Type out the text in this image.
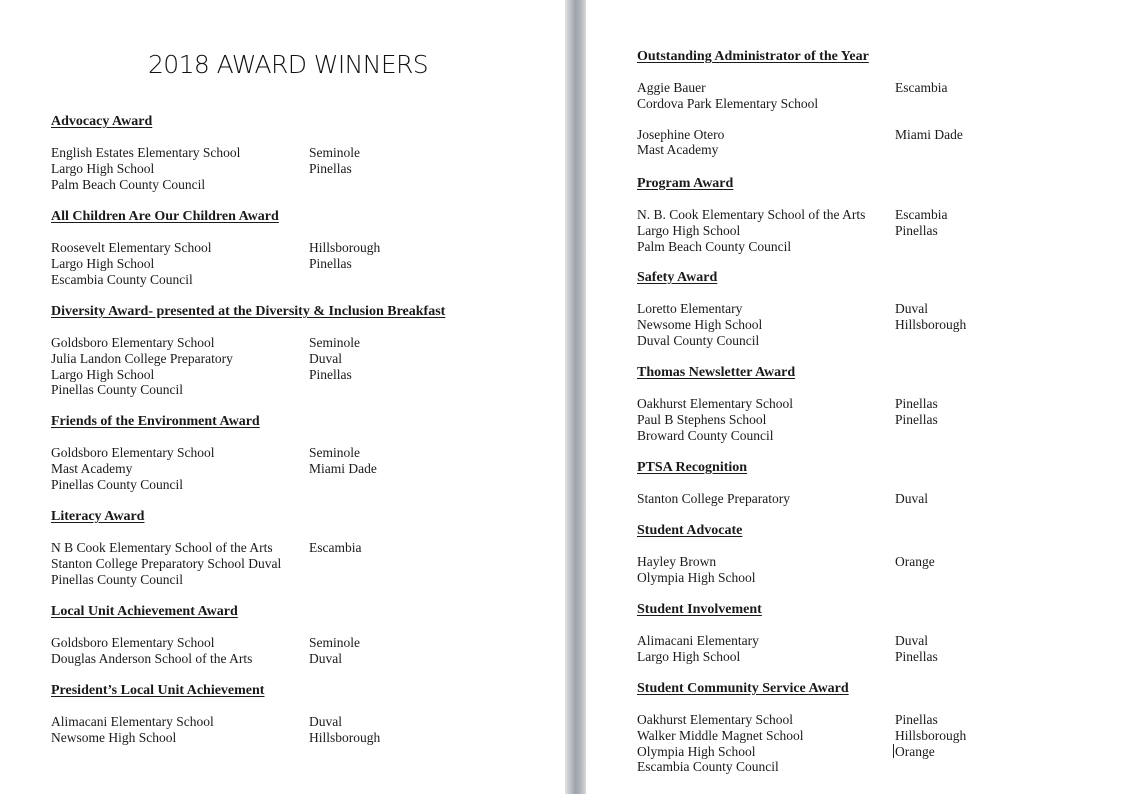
2018 AWARD WINNERS
Advocacy Award
English Estates Elementary School	Seminole
Largo High School	Pinellas
Palm Beach County Council
All Children Are Our Children Award
Roosevelt Elementary School	Hillsborough
Largo High School	Pinellas
Escambia County Council
Diversity Award- presented at the Diversity & Inclusion Breakfast
Goldsboro Elementary School	Seminole
Julia Landon College Preparatory	Duval
Largo High School	Pinellas
Pinellas County Council
Friends of the Environment Award
Goldsboro Elementary School	Seminole
Mast Academy	Miami Dade
Pinellas County Council
Literacy Award
N B Cook Elementary School of the Arts	Escambia
Stanton College Preparatory School Duval
Pinellas County Council
Local Unit Achievement Award
Goldsboro Elementary School	Seminole
Douglas Anderson School of the Arts	Duval
President’s Local Unit Achievement
Alimacani Elementary School	Duval
Newsome High School	Hillsborough
Outstanding Administrator of the Year
Aggie Bauer	Escambia
Cordova Park Elementary School
Josephine Otero	Miami Dade
Mast Academy
Program Award
N. B. Cook Elementary School of the Arts Escambia
Largo High School	Pinellas
Palm Beach County Council
Safety Award
Loretto Elementary	Duval
Newsome High School	Hillsborough
Duval County Council
Thomas Newsletter Award
Oakhurst Elementary School	Pinellas
Paul B Stephens School	Pinellas
Broward County Council
PTSA Recognition
Stanton College Preparatory	Duval
Student Advocate
Hayley Brown	Orange
Olympia High School
Student Involvement
Alimacani Elementary	Duval
Largo High School	Pinellas
Student Community Service Award
Oakhurst Elementary School	Pinellas
Walker Middle Magnet School	Hillsborough
Olympia High School	Orange
Escambia County Council
